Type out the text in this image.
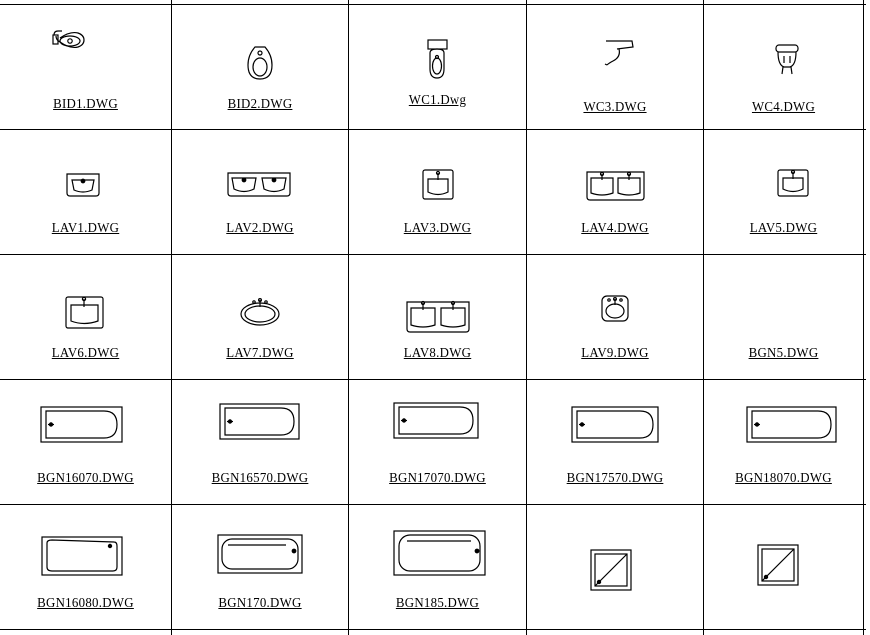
BID1.DWG	BID2.DWG	WC1.Dwg	WC3.DWG	WC4.DWG
LAV1.DWG	LAV2.DWG	LAV3.DWG	LAV4.DWG	LAV5.DWG
LAV6.DWG	LAV7.DWG	LAV8.DWG	LAV9.DWG	BGN5.DWG
BGN16070.DWG	BGN16570.DWG	BGN17070.DWG	BGN17570.DWG	BGN18070.DWG
BGN16080.DWG	BGN170.DWG	BGN185.DWG
